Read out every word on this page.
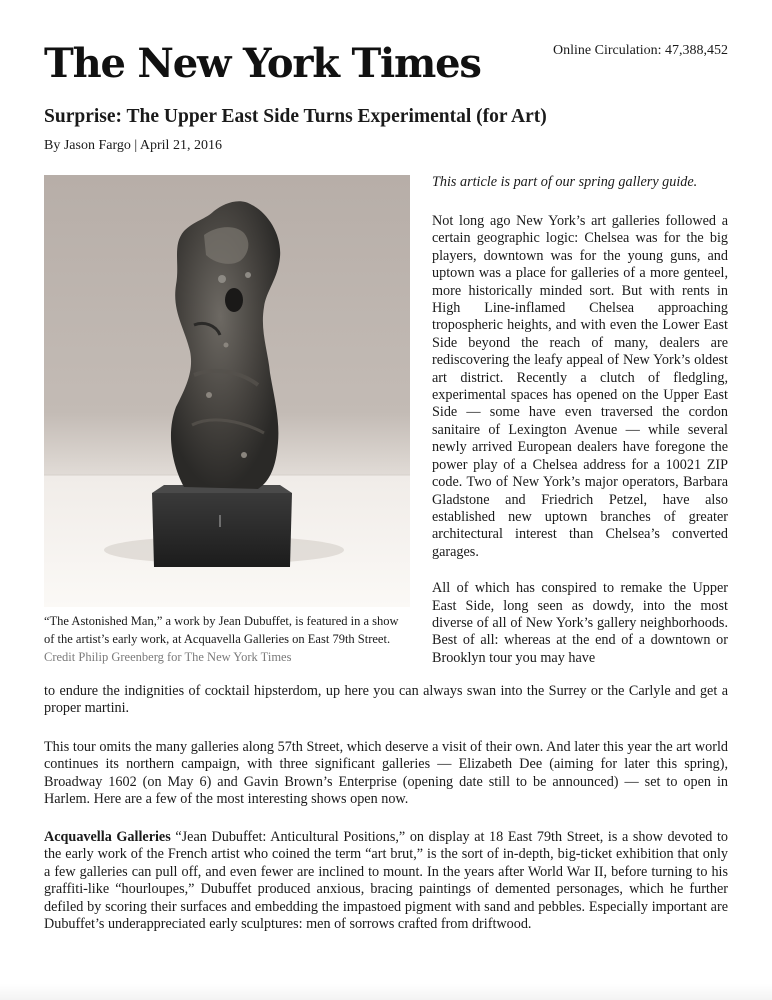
The New York Times	Online Circulation: 47,388,452
Surprise: The Upper East Side Turns Experimental (for Art)
By Jason Fargo | April 21, 2016
“The Astonished Man,” a work by Jean Dubuffet, is featured in a show of the artist’s early work, at Acquavella Galleries on East 79th Street. Credit Philip Greenberg for The New York Times
This article is part of our spring gallery guide.

Not long ago New York’s art galleries followed a certain geographic logic: Chelsea was for the big players, downtown was for the young guns, and uptown was a place for galleries of a more genteel, more historically minded sort. But with rents in High Line-inflamed Chelsea approaching tropospheric heights, and with even the Lower East Side beyond the reach of many, dealers are rediscovering the leafy appeal of New York’s oldest art district. Recently a clutch of fledgling, experimental spaces has opened on the Upper East Side — some have even traversed the cordon sanitaire of Lexington Avenue — while several newly arrived European dealers have foregone the power play of a Chelsea address for a 10021 ZIP code. Two of New York’s major operators, Barbara Gladstone and Friedrich Petzel, have also established new uptown branches of greater architectural interest than Chelsea’s converted garages.

All of which has conspired to remake the Upper East Side, long seen as dowdy, into the most diverse of all of New York’s gallery neighborhoods. Best of all: whereas at the end of a downtown or Brooklyn tour you may have

to endure the indignities of cocktail hipsterdom, up here you can always swan into the Surrey or the Carlyle and get a proper martini.

This tour omits the many galleries along 57th Street, which deserve a visit of their own. And later this year the art world continues its northern campaign, with three significant galleries — Elizabeth Dee (aiming for later this spring), Broadway 1602 (on May 6) and Gavin Brown’s Enterprise (opening date still to be announced) — set to open in Harlem. Here are a few of the most interesting shows open now.

Acquavella Galleries “Jean Dubuffet: Anticultural Positions,” on display at 18 East 79th Street, is a show devoted to the early work of the French artist who coined the term “art brut,” is the sort of in-depth, big-ticket exhibition that only a few galleries can pull off, and even fewer are inclined to mount. In the years after World War II, before turning to his graffiti-like “hourloupes,” Dubuffet produced anxious, bracing paintings of demented personages, which he further defiled by scoring their surfaces and embedding the impastoed pigment with sand and pebbles. Especially important are Dubuffet’s underappreciated early sculptures: men of sorrows crafted from driftwood.
